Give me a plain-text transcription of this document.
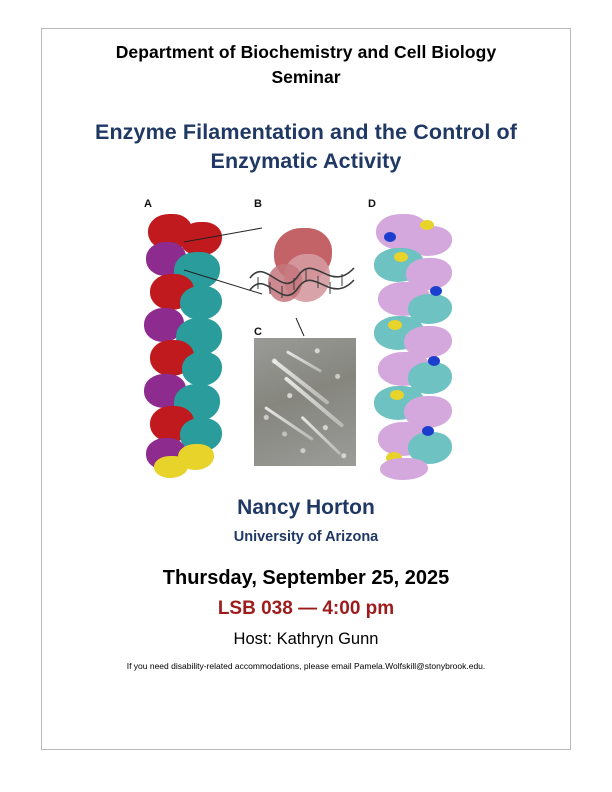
Department of Biochemistry and Cell Biology
Seminar
Enzyme Filamentation and the Control of Enzymatic Activity
A	B
C
D
Nancy Horton
University of Arizona
Thursday, September 25, 2025
LSB 038 — 4:00 pm
Host: Kathryn Gunn
If you need disability-related accommodations, please email Pamela.Wolfskill@stonybrook.edu.
